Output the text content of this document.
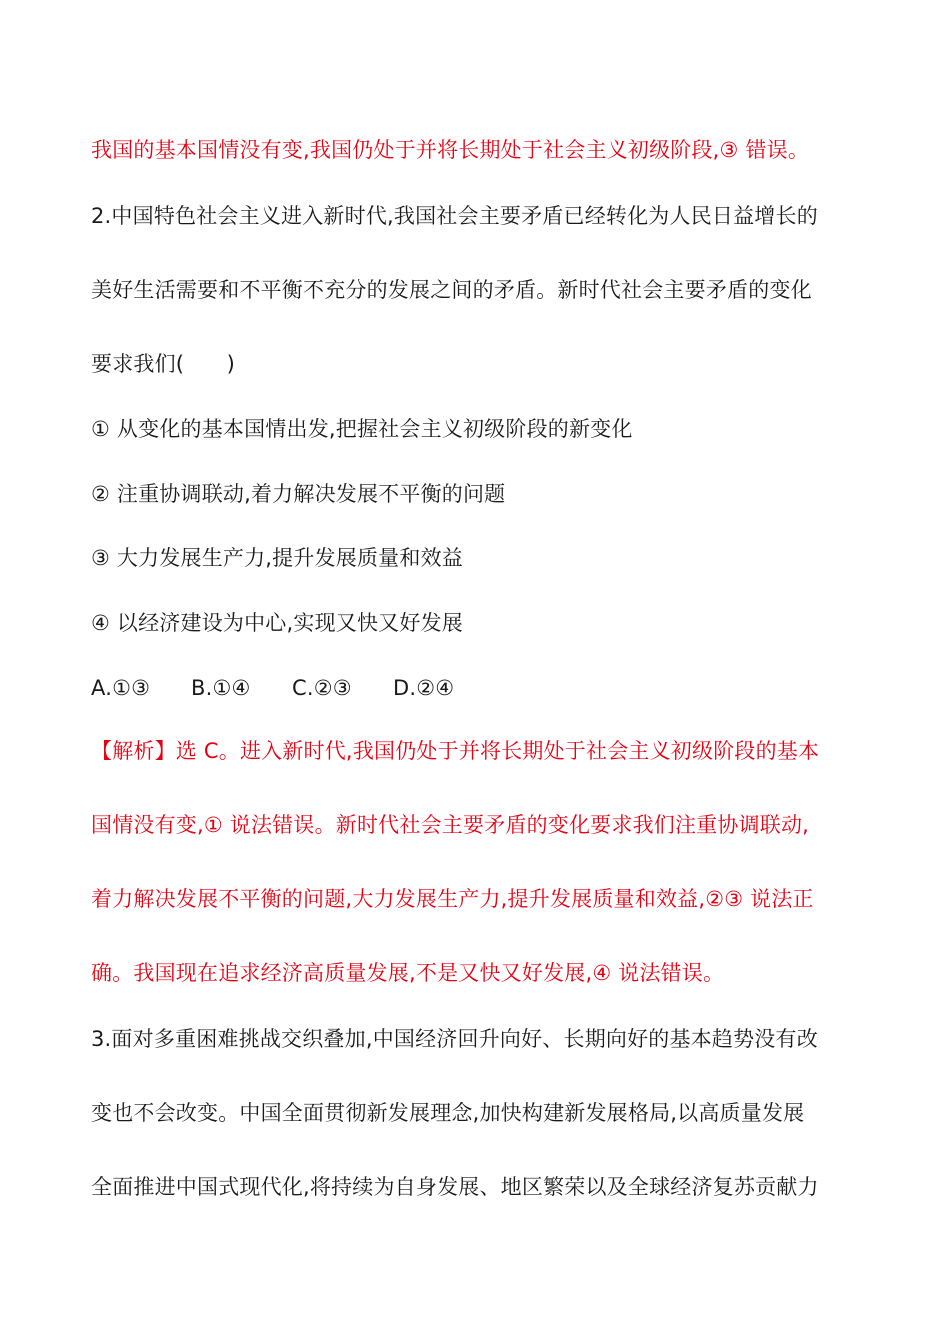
我国的基本国情没有变,我国仍处于并将长期处于社会主义初级阶段,③ 错误。
2.中国特色社会主义进入新时代,我国社会主要矛盾已经转化为人民日益增长的
美好生活需要和不平衡不充分的发展之间的矛盾。新时代社会主要矛盾的变化
要求我们(　　)
① 从变化的基本国情出发,把握社会主义初级阶段的新变化
② 注重协调联动,着力解决发展不平衡的问题
③ 大力发展生产力,提升发展质量和效益
④ 以经济建设为中心,实现又快又好发展
A.①③ B.①④ C.②③ D.②④
【解析】选 C。进入新时代,我国仍处于并将长期处于社会主义初级阶段的基本
国情没有变,① 说法错误。新时代社会主要矛盾的变化要求我们注重协调联动,
着力解决发展不平衡的问题,大力发展生产力,提升发展质量和效益,②③ 说法正
确。我国现在追求经济高质量发展,不是又快又好发展,④ 说法错误。
3.面对多重困难挑战交织叠加,中国经济回升向好、长期向好的基本趋势没有改
变也不会改变。中国全面贯彻新发展理念,加快构建新发展格局,以高质量发展
全面推进中国式现代化,将持续为自身发展、地区繁荣以及全球经济复苏贡献力
